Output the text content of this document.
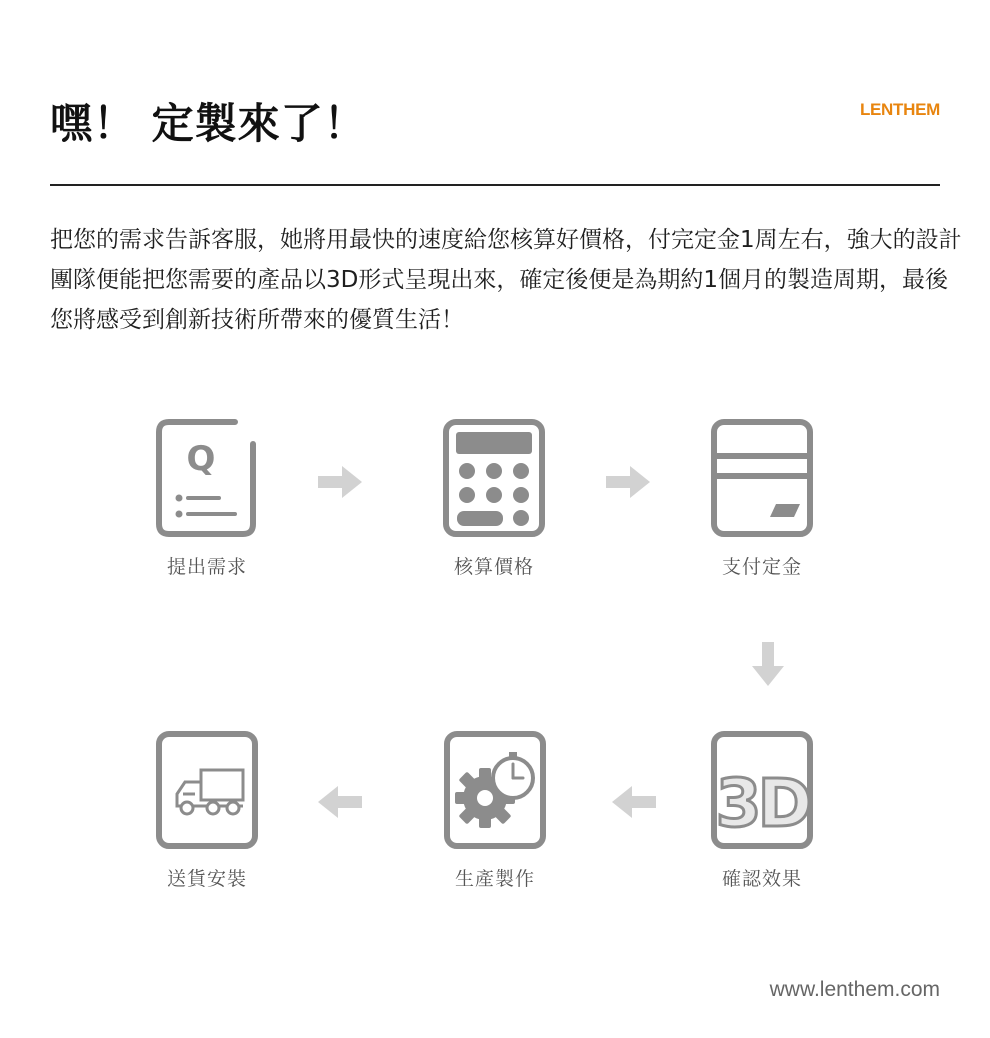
嘿！ 定製來了！	LENTHEM

把您的需求告訴客服，她將用最快的速度給您核算好價格，付完定金1周左右，強大的設計團隊便能把您需要的產品以3D形式呈現出來，確定後便是為期約1個月的製造周期，最後您將感受到創新技術所帶來的優質生活！

Q
提出需求	核算價格	支付定金
3D
確認效果
生產製作
送貨安裝
www.lenthem.com
